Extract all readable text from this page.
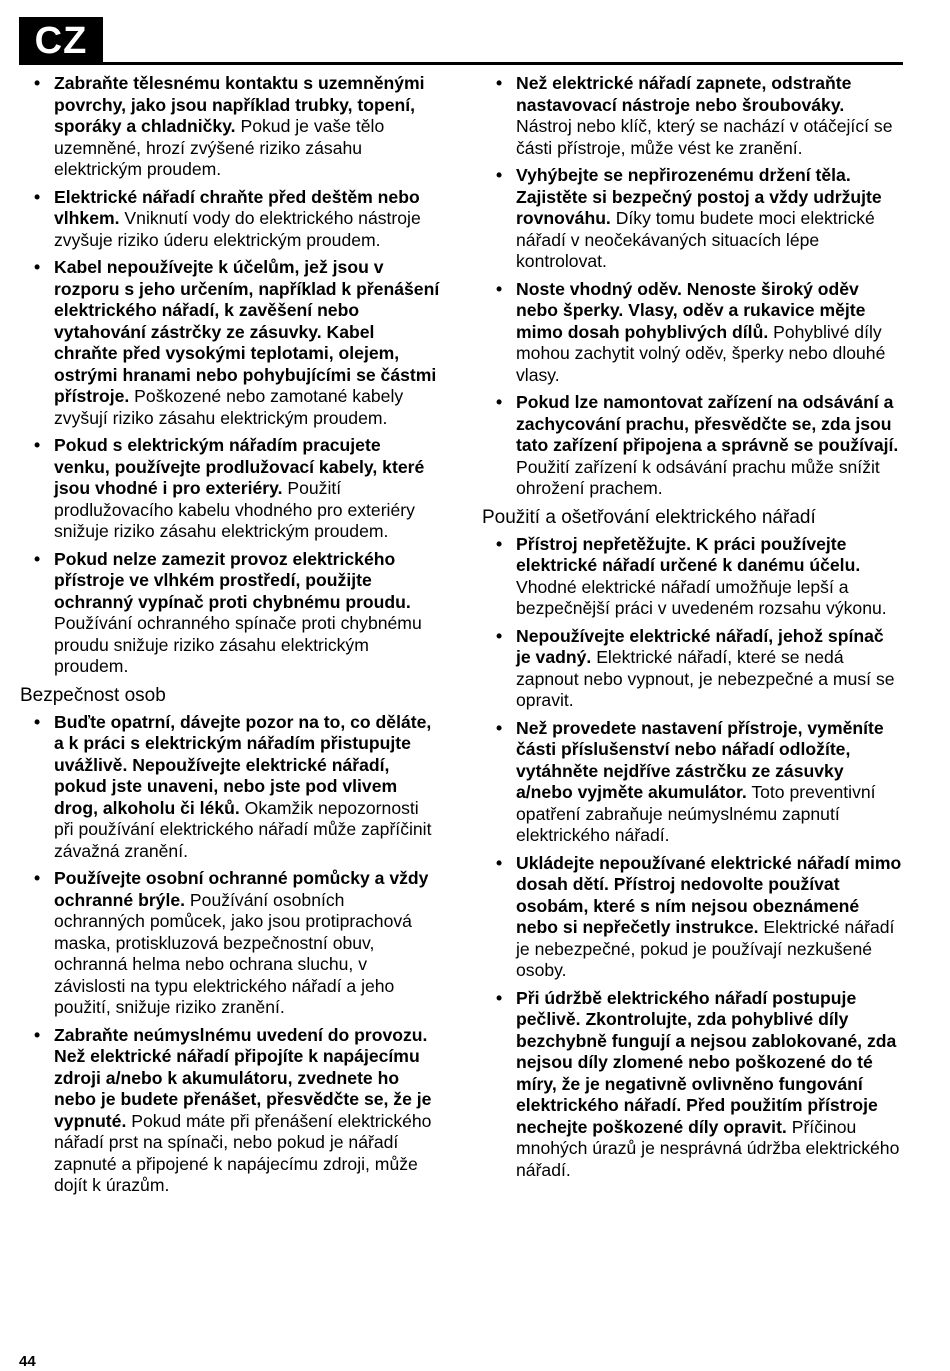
CZ
• Zabraňte tělesnému kontaktu s uzemněnými povrchy, jako jsou například trubky, topení, sporáky a chladničky. Pokud je vaše tělo uzemněné, hrozí zvýšené riziko zásahu elektrickým proudem.
• Elektrické nářadí chraňte před deštěm nebo vlhkem. Vniknutí vody do elektrického nástroje zvyšuje riziko úderu elektrickým proudem.
• Kabel nepoužívejte k účelům, jež jsou v rozporu s jeho určením, například k přenášení elektrického nářadí, k zavěšení nebo vytahování zástrčky ze zásuvky. Kabel chraňte před vysokými teplotami, olejem, ostrými hranami nebo pohybujícími se částmi přístroje. Poškozené nebo zamotané kabely zvyšují riziko zásahu elektrickým proudem.
• Pokud s elektrickým nářadím pracujete venku, používejte prodlužovací kabely, které jsou vhodné i pro exteriéry. Použití prodlužovacího kabelu vhodného pro exteriéry snižuje riziko zásahu elektrickým proudem.
• Pokud nelze zamezit provoz elektrického přístroje ve vlhkém prostředí, použijte ochranný vypínač proti chybnému proudu. Používání ochranného spínače proti chybnému proudu snižuje riziko zásahu elektrickým proudem.
Bezpečnost osob
• Buďte opatrní, dávejte pozor na to, co děláte, a k práci s elektrickým nářadím přistupujte uvážlivě. Nepoužívejte elektrické nářadí, pokud jste unaveni, nebo jste pod vlivem drog, alkoholu či léků. Okamžik nepozornosti při používání elektrického nářadí může zapříčinit závažná zranění.
• Používejte osobní ochranné pomůcky a vždy ochranné brýle. Používání osobních ochranných pomůcek, jako jsou protiprachová maska, protiskluzová bezpečnostní obuv, ochranná helma nebo ochrana sluchu, v závislosti na typu elektrického nářadí a jeho použití, snižuje riziko zranění.
• Zabraňte neúmyslnému uvedení do provozu. Než elektrické nářadí připojíte k napájecímu zdroji a/nebo k akumulátoru, zvednete ho nebo je budete přenášet, přesvědčte se, že je vypnuté. Pokud máte při přenášení elektrického nářadí prst na spínači, nebo pokud je nářadí zapnuté a připojené k napájecímu zdroji, může dojít k úrazům.
• Než elektrické nářadí zapnete, odstraňte nastavovací nástroje nebo šroubováky. Nástroj nebo klíč, který se nachází v otáčející se části přístroje, může vést ke zranění.
• Vyhýbejte se nepřirozenému držení těla. Zajistěte si bezpečný postoj a vždy udržujte rovnováhu. Díky tomu budete moci elektrické nářadí v neočekávaných situacích lépe kontrolovat.
• Noste vhodný oděv. Nenoste široký oděv nebo šperky. Vlasy, oděv a rukavice mějte mimo dosah pohyblivých dílů. Pohyblivé díly mohou zachytit volný oděv, šperky nebo dlouhé vlasy.
• Pokud lze namontovat zařízení na odsávání a zachycování prachu, přesvědčte se, zda jsou tato zařízení připojena a správně se používají. Použití zařízení k odsávání prachu může snížit ohrožení prachem.
Použití a ošetřování elektrického nářadí
• Přístroj nepřetěžujte. K práci používejte elektrické nářadí určené k danému účelu. Vhodné elektrické nářadí umožňuje lepší a bezpečnější práci v uvedeném rozsahu výkonu.
• Nepoužívejte elektrické nářadí, jehož spínač je vadný. Elektrické nářadí, které se nedá zapnout nebo vypnout, je nebezpečné a musí se opravit.
• Než provedete nastavení přístroje, vyměníte části příslušenství nebo nářadí odložíte, vytáhněte nejdříve zástrčku ze zásuvky a/nebo vyjměte akumulátor. Toto preventivní opatření zabraňuje neúmyslnému zapnutí elektrického nářadí.
• Ukládejte nepoužívané elektrické nářadí mimo dosah dětí. Přístroj nedovolte používat osobám, které s ním nejsou obeznámené nebo si nepřečetly instrukce. Elektrické nářadí je nebezpečné, pokud je používají nezkušené osoby.
• Při údržbě elektrického nářadí postupuje pečlivě. Zkontrolujte, zda pohyblivé díly bezchybně fungují a nejsou zablokované, zda nejsou díly zlomené nebo poškozené do té míry, že je negativně ovlivněno fungování elektrického nářadí. Před použitím přístroje nechejte poškozené díly opravit. Příčinou mnohých úrazů je nesprávná údržba elektrického nářadí.
44
